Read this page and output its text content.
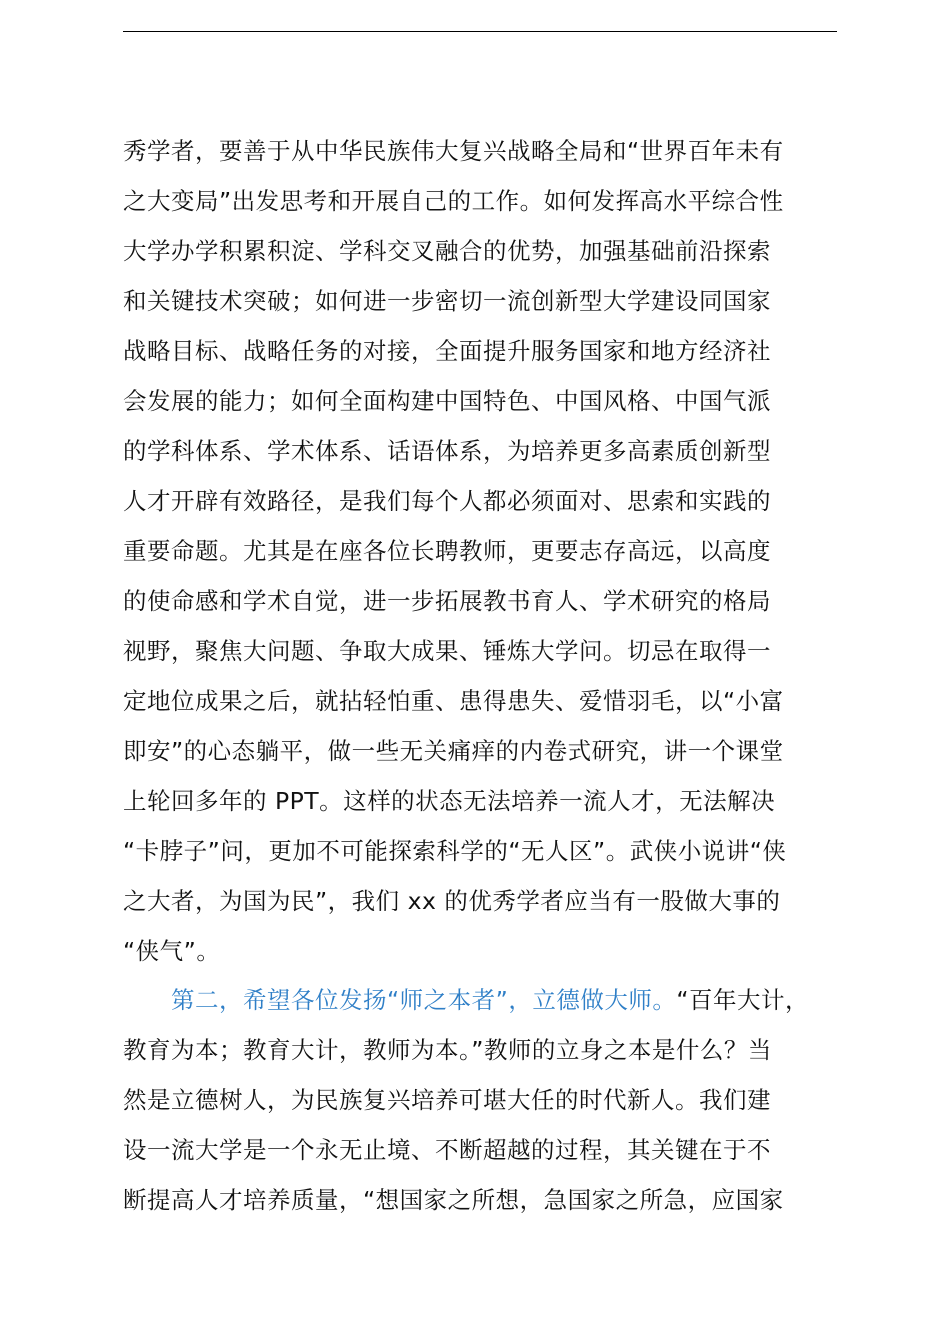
秀学者，要善于从中华民族伟大复兴战略全局和“世界百年未有
之大变局”出发思考和开展自己的工作。如何发挥高水平综合性
大学办学积累积淀、学科交叉融合的优势，加强基础前沿探索
和关键技术突破；如何进一步密切一流创新型大学建设同国家
战略目标、战略任务的对接，全面提升服务国家和地方经济社
会发展的能力；如何全面构建中国特色、中国风格、中国气派
的学科体系、学术体系、话语体系，为培养更多高素质创新型
人才开辟有效路径，是我们每个人都必须面对、思索和实践的
重要命题。尤其是在座各位长聘教师，更要志存高远，以高度
的使命感和学术自觉，进一步拓展教书育人、学术研究的格局
视野，聚焦大问题、争取大成果、锤炼大学问。切忌在取得一
定地位成果之后，就拈轻怕重、患得患失、爱惜羽毛，以“小富
即安”的心态躺平，做一些无关痛痒的内卷式研究，讲一个课堂
上轮回多年的 PPT。这样的状态无法培养一流人才，无法解决
“卡脖子”问，更加不可能探索科学的“无人区”。武侠小说讲“侠
之大者，为国为民”，我们 xx 的优秀学者应当有一股做大事的
“侠气”。
第二，希望各位发扬“师之本者”，立德做大师。“百年大计，
教育为本；教育大计，教师为本。”教师的立身之本是什么？当
然是立德树人，为民族复兴培养可堪大任的时代新人。我们建
设一流大学是一个永无止境、不断超越的过程，其关键在于不
断提高人才培养质量，“想国家之所想，急国家之所急，应国家
